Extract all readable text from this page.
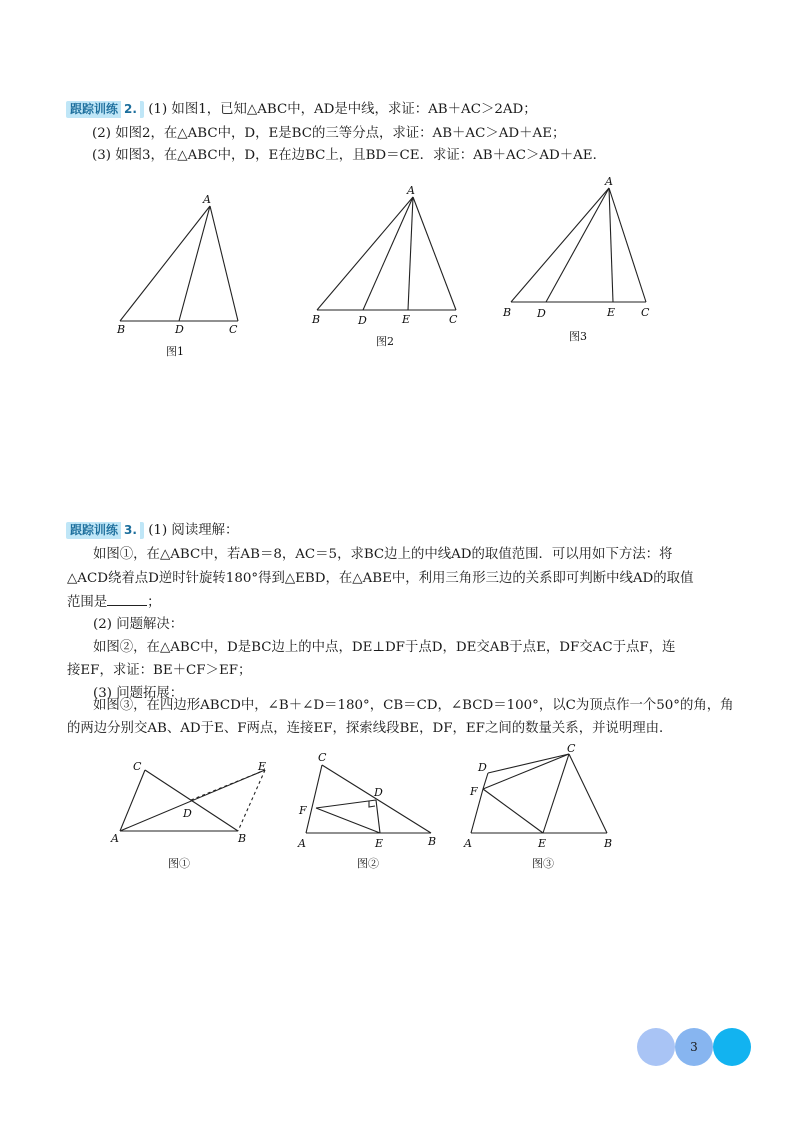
跟踪训练 2. (1) 如图1，已知△ABC中，AD是中线，求证：AB＋AC＞2AD；
(2) 如图2，在△ABC中，D，E是BC的三等分点，求证：AB＋AC＞AD＋AE；
(3) 如图3，在△ABC中，D，E在边BC上，且BD＝CE．求证：AB＋AC＞AD＋AE．
A
B	D	C
图1
A
B	D	E	C
图2
A
B D	E C
图3
跟踪训练 3. (1) 阅读理解：
如图①，在△ABC中，若AB＝8，AC＝5，求BC边上的中线AD的取值范围．可以用如下方法：将
△ACD绕着点D逆时针旋转180°得到△EBD，在△ABE中，利用三角形三边的关系即可判断中线AD的取值
范围是	；
(2) 问题解决：
如图②，在△ABC中，D是BC边上的中点，DE⊥DF于点D，DE交AB于点E，DF交AC于点F，连
接EF，求证：BE＋CF＞EF；
(3) 问题拓展：
如图③，在四边形ABCD中，∠B＋∠D＝180°，CB＝CD，∠BCD＝100°，以C为顶点作一个50°的角，角
的两边分别交AB、AD于E、F两点，连接EF，探索线段BE，DF，EF之间的数量关系，并说明理由．
C	E
D
A	B
图①
C
D
F
A	E	B
图②
D
C
F
A	E	B
图③
3
